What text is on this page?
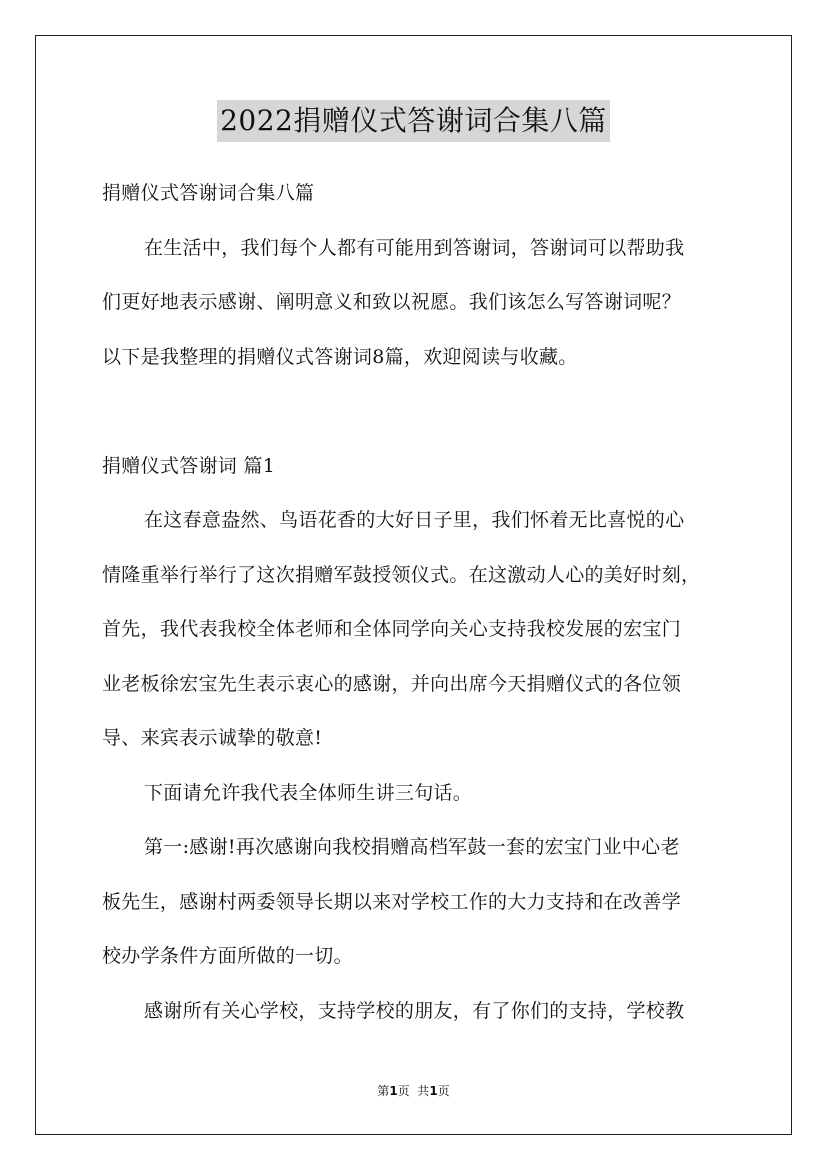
2022捐赠仪式答谢词合集八篇
捐赠仪式答谢词合集八篇
在生活中，我们每个人都有可能用到答谢词，答谢词可以帮助我
们更好地表示感谢、阐明意义和致以祝愿。我们该怎么写答谢词呢？
以下是我整理的捐赠仪式答谢词8篇，欢迎阅读与收藏。
捐赠仪式答谢词 篇1
在这春意盎然、鸟语花香的大好日子里，我们怀着无比喜悦的心
情隆重举行举行了这次捐赠军鼓授领仪式。在这激动人心的美好时刻，
首先，我代表我校全体老师和全体同学向关心支持我校发展的宏宝门
业老板徐宏宝先生表示衷心的感谢，并向出席今天捐赠仪式的各位领
导、来宾表示诚挚的敬意!
下面请允许我代表全体师生讲三句话。
第一:感谢!再次感谢向我校捐赠高档军鼓一套的宏宝门业中心老
板先生，感谢村两委领导长期以来对学校工作的大力支持和在改善学
校办学条件方面所做的一切。
感谢所有关心学校，支持学校的朋友，有了你们的支持，学校教
第1页  共1页
